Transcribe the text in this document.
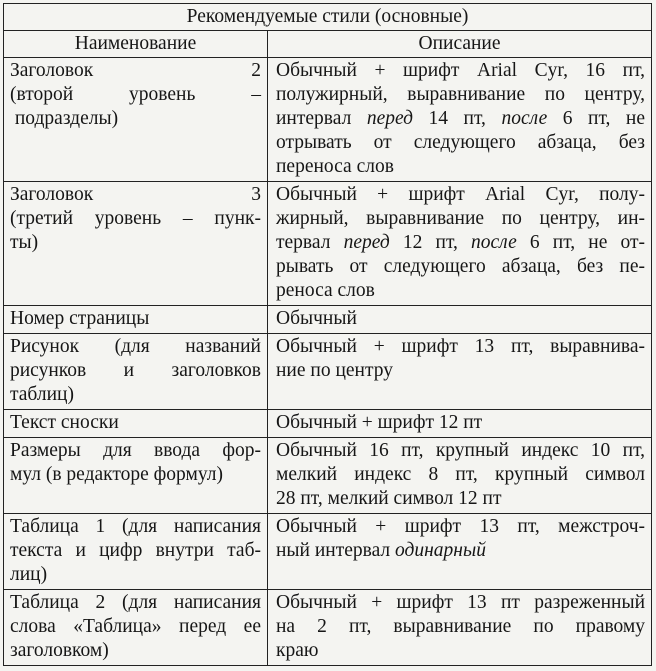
Рекомендуемые стили (основные)	
Наименование	Описание

Заголовок 2
(второй уровень –
подразделы)	Обычный + шрифт Arial Cyr, 16 пт,
полужирный, выравнивание по центру,
интервал перед 14 пт, после 6 пт, не
отрывать от следующего абзаца, без
переноса слов

Заголовок 3
(третий уровень – пунк-
ты)	Обычный + шрифт Arial Cyr, полу-
жирный, выравнивание по центру, ин-
тервал перед 12 пт, после 6 пт, не от-
рывать от следующего абзаца, без пе-
реноса слов

Номер страницы	Обычный

Рисунок (для названий
рисунков и заголовков
таблиц)	Обычный + шрифт 13 пт, выравнива-
ние по центру

Текст сноски	Обычный + шрифт 12 пт

Размеры для ввода фор-
мул (в редакторе формул)	Обычный 16 пт, крупный индекс 10 пт,
мелкий индекс 8 пт, крупный символ
28 пт, мелкий символ 12 пт

Таблица 1 (для написания
текста и цифр внутри таб-
лиц)	Обычный + шрифт 13 пт, межстроч-
ный интервал одинарный

Таблица 2 (для написания
слова «Таблица» перед ее
заголовком)	Обычный + шрифт 13 пт разреженный
на 2 пт, выравнивание по правому
краю
